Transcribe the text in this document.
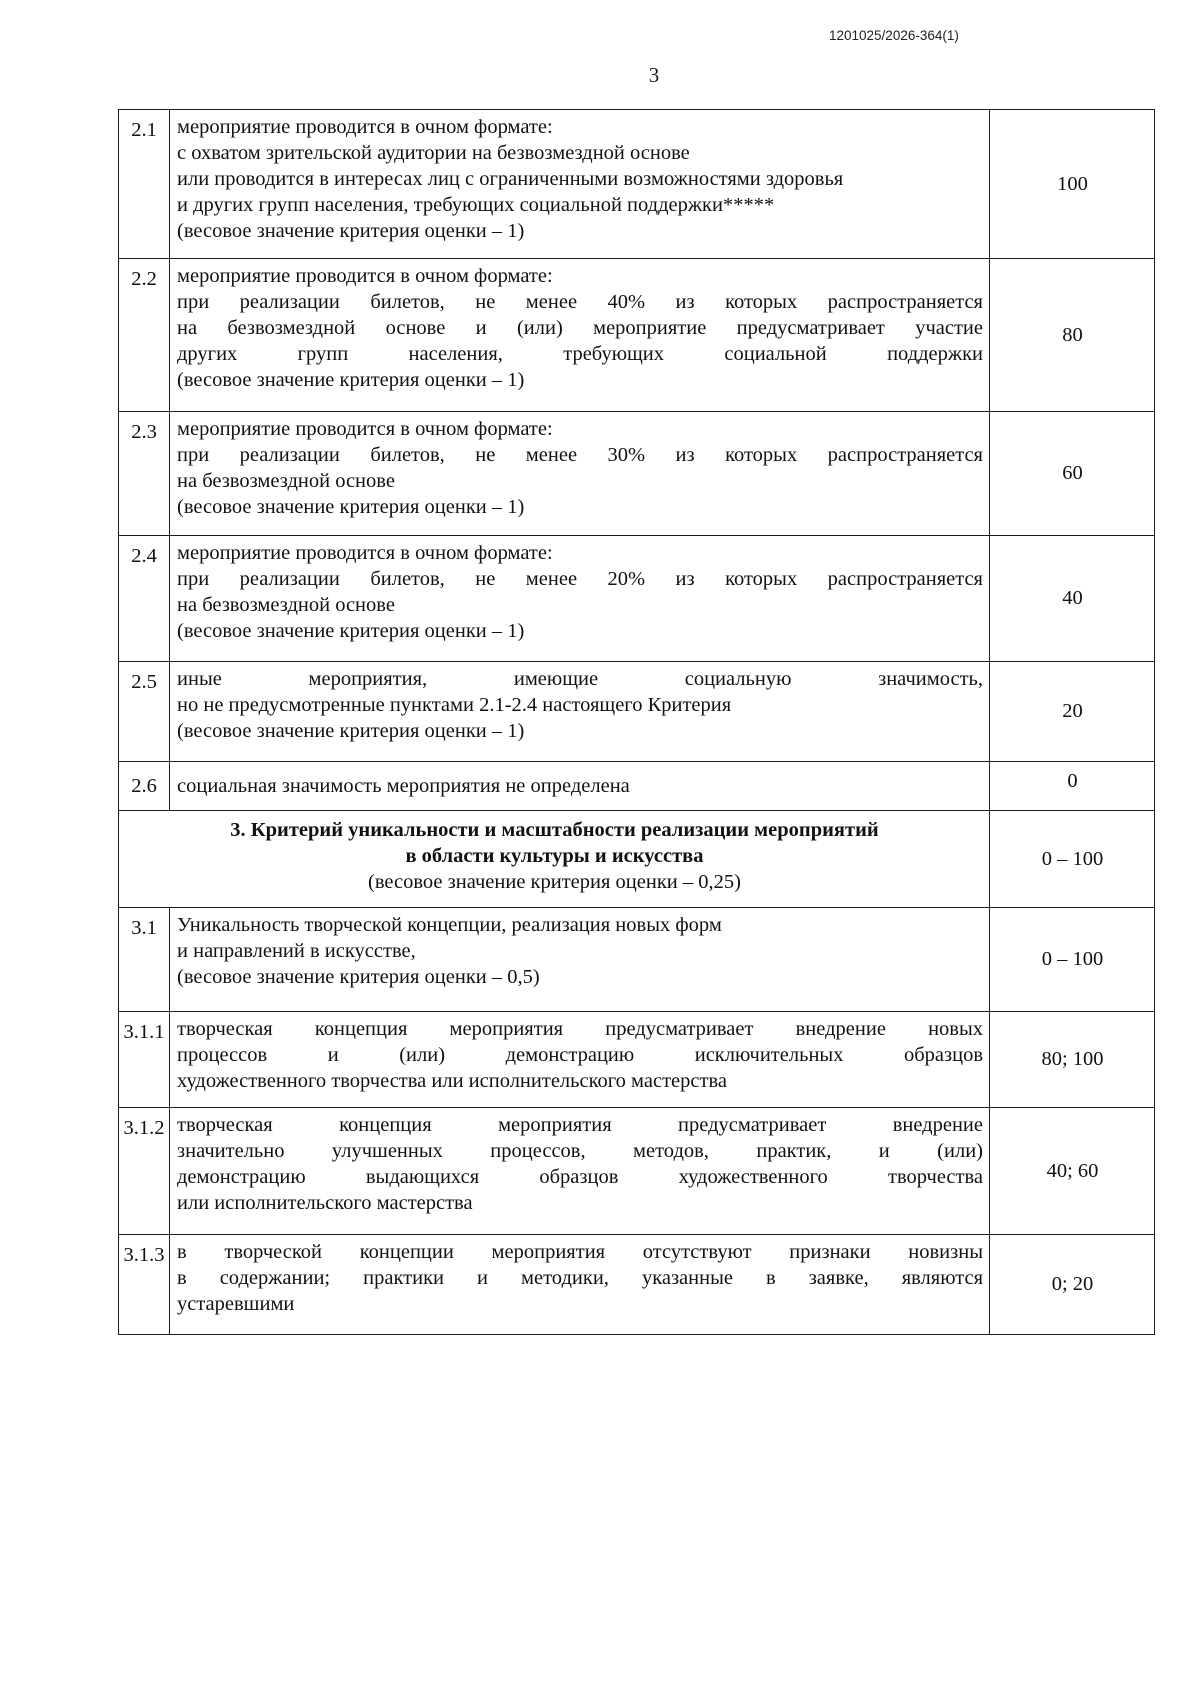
1201025/2026-364(1)
3
2.1	мероприятие проводится в очном формате:
с охватом зрительской аудитории на безвозмездной основе
или проводится в интересах лиц с ограниченными возможностями здоровья
и других групп населения, требующих социальной поддержки*****
(весовое значение критерия оценки – 1)	100
2.2	мероприятие проводится в очном формате:
при реализации билетов, не менее 40% из которых распространяется
на безвозмездной основе и (или) мероприятие предусматривает участие
других групп населения, требующих социальной поддержки
(весовое значение критерия оценки – 1)	80
2.3	мероприятие проводится в очном формате:
при реализации билетов, не менее 30% из которых распространяется
на безвозмездной основе
(весовое значение критерия оценки – 1)	60
2.4	мероприятие проводится в очном формате:
при реализации билетов, не менее 20% из которых распространяется
на безвозмездной основе
(весовое значение критерия оценки – 1)	40
2.5	иные мероприятия, имеющие социальную значимость,
но не предусмотренные пунктами 2.1-2.4 настоящего Критерия
(весовое значение критерия оценки – 1)	20
2.6	социальная значимость мероприятия не определена	0

3. Критерий уникальности и масштабности реализации мероприятий
в области культуры и искусства
(весовое значение критерия оценки – 0,25)		0 – 100
3.1	Уникальность творческой концепции, реализация новых форм
и направлений в искусстве,
(весовое значение критерия оценки – 0,5)	0 – 100
3.1.1	творческая концепция мероприятия предусматривает внедрение новых
процессов и (или) демонстрацию исключительных образцов
художественного творчества или исполнительского мастерства	80; 100
3.1.2	творческая концепция мероприятия предусматривает внедрение
значительно улучшенных процессов, методов, практик, и (или)
демонстрацию выдающихся образцов художественного творчества
или исполнительского мастерства	40; 60
3.1.3	в творческой концепции мероприятия отсутствуют признаки новизны
в содержании; практики и методики, указанные в заявке, являются
устаревшими	0; 20
